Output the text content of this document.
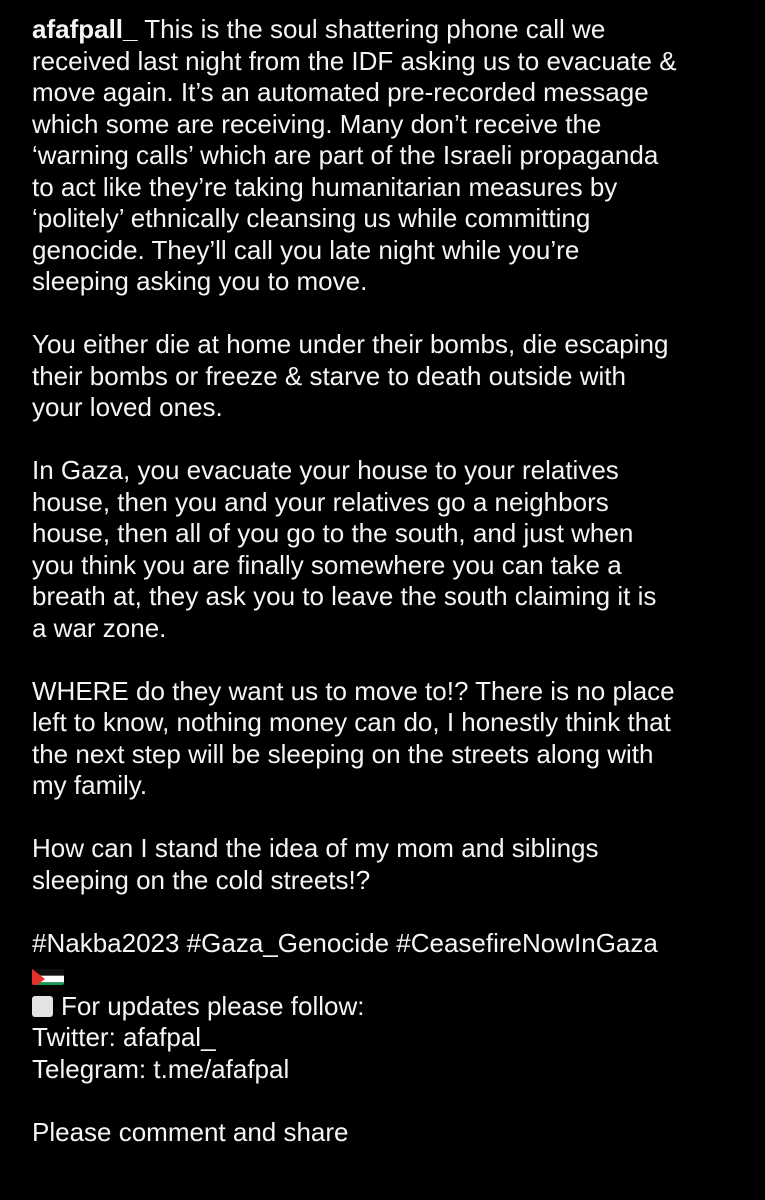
afafpall_ This is the soul shattering phone call we
received last night from the IDF asking us to evacuate &
move again. It’s an automated pre-recorded message
which some are receiving. Many don’t receive the
‘warning calls’ which are part of the Israeli propaganda
to act like they’re taking humanitarian measures by
‘politely’ ethnically cleansing us while committing
genocide. They’ll call you late night while you’re
sleeping asking you to move.

You either die at home under their bombs, die escaping
their bombs or freeze & starve to death outside with
your loved ones.

In Gaza, you evacuate your house to your relatives
house, then you and your relatives go a neighbors
house, then all of you go to the south, and just when
you think you are finally somewhere you can take a
breath at, they ask you to leave the south claiming it is
a war zone.

WHERE do they want us to move to!? There is no place
left to know, nothing money can do, I honestly think that
the next step will be sleeping on the streets along with
my family.

How can I stand the idea of my mom and siblings
sleeping on the cold streets!?

#Nakba2023 #Gaza_Genocide #CeasefireNowInGaza
For updates please follow:
Twitter: afafpal_
Telegram: t.me/afafpal

Please comment and share
